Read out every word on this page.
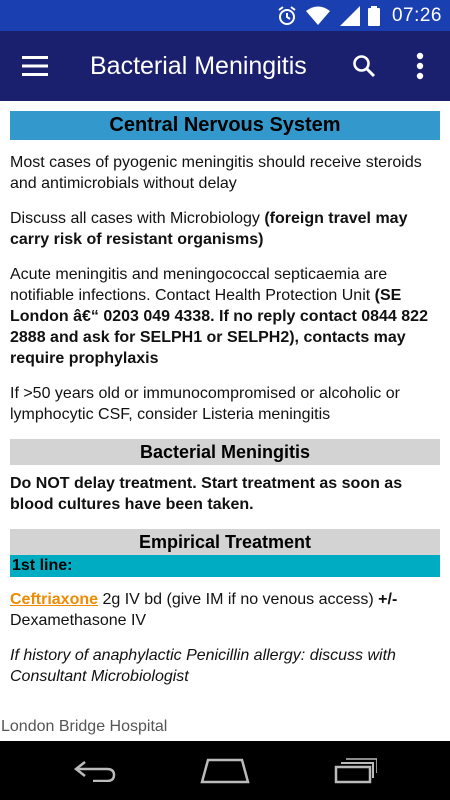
07:26
Bacterial Meningitis
Central Nervous System

Most cases of pyogenic meningitis should receive steroids and antimicrobials without delay

Discuss all cases with Microbiology (foreign travel may carry risk of resistant organisms)

Acute meningitis and meningococcal septicaemia are notifiable infections. Contact Health Protection Unit (SE London â€“ 0203 049 4338. If no reply contact 0844 822 2888 and ask for SELPH1 or SELPH2), contacts may require prophylaxis

If >50 years old or immunocompromised or alcoholic or lymphocytic CSF, consider Listeria meningitis

Bacterial Meningitis

Do NOT delay treatment. Start treatment as soon as blood cultures have been taken.

Empirical Treatment
1st line:

Ceftriaxone 2g IV bd (give IM if no venous access) +/- Dexamethasone IV

If history of anaphylactic Penicillin allergy: discuss with Consultant Microbiologist

London Bridge Hospital
